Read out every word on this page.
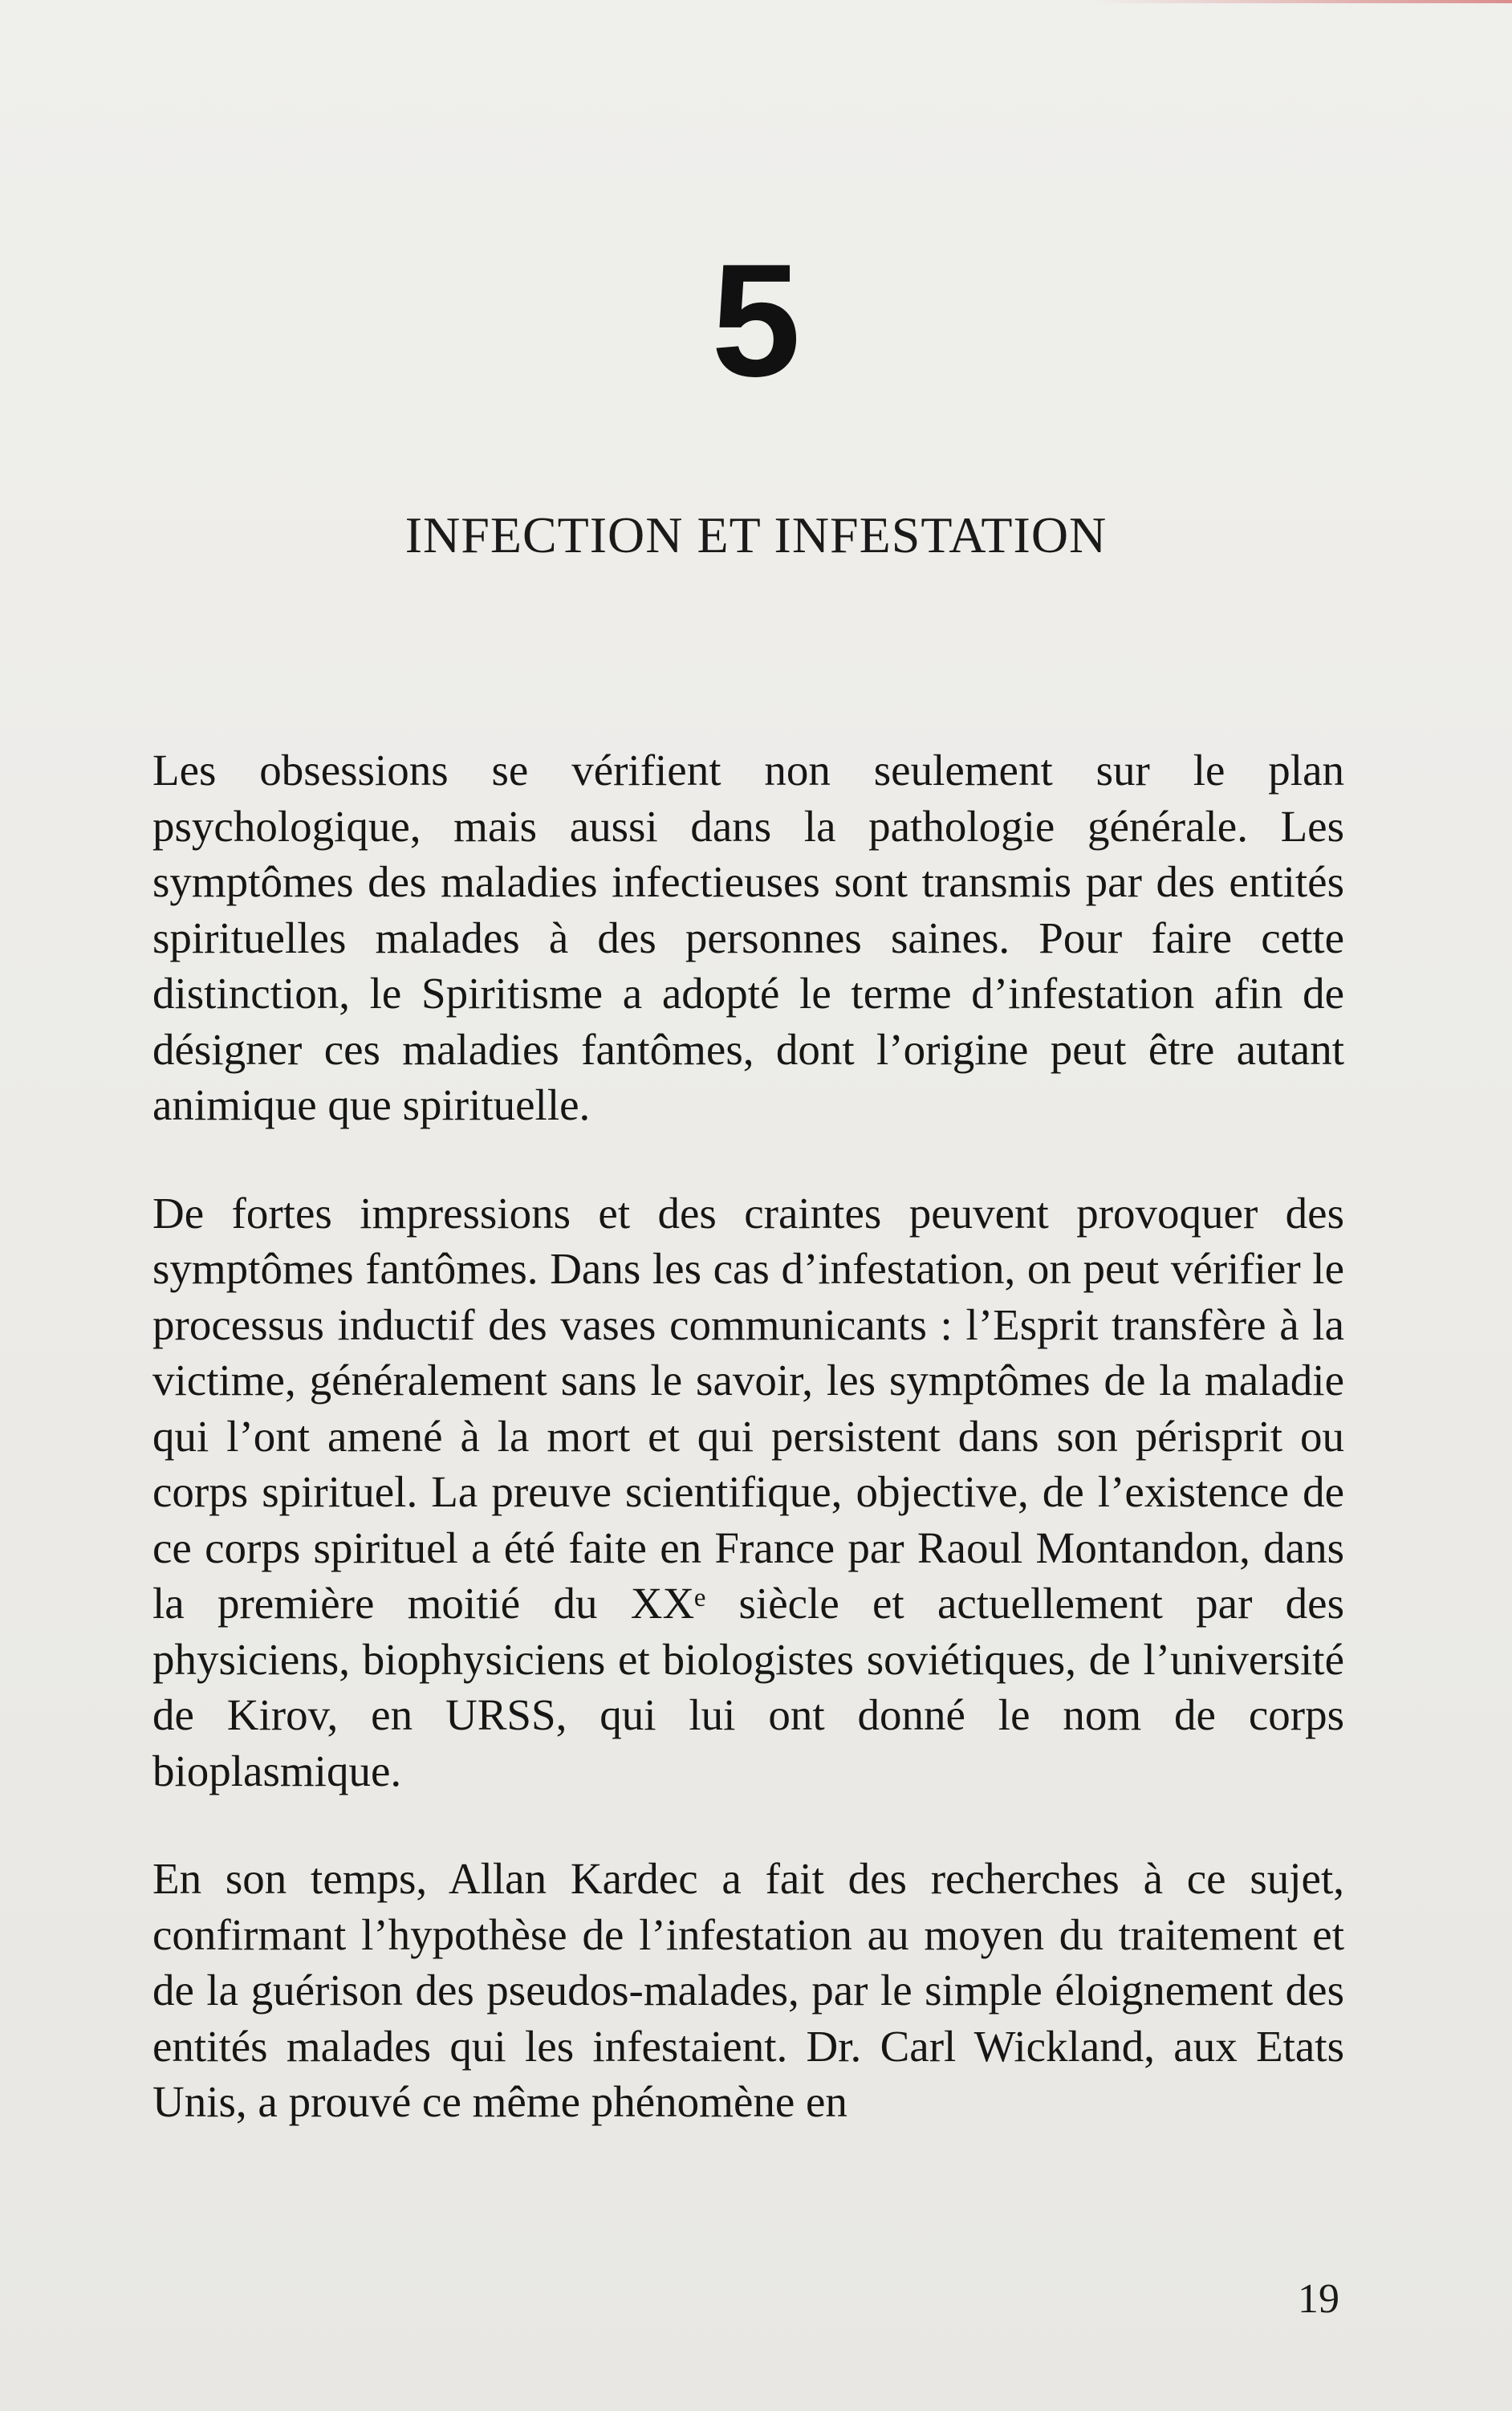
5
INFECTION ET INFESTATION

Les obsessions se vérifient non seulement sur le plan psychologique, mais aussi dans la pathologie générale. Les symptômes des maladies infectieuses sont transmis par des entités spirituelles malades à des personnes saines. Pour faire cette distinction, le Spiritisme a adopté le terme d’infestation afin de désigner ces maladies fantômes, dont l’origine peut être autant animique que spirituelle.

De fortes impressions et des craintes peuvent provoquer des symptômes fantômes. Dans les cas d’infestation, on peut vérifier le processus inductif des vases communicants : l’Esprit transfère à la victime, généralement sans le savoir, les symptômes de la maladie qui l’ont amené à la mort et qui persistent dans son périsprit ou corps spirituel. La preuve scientifique, objective, de l’existence de ce corps spirituel a été faite en France par Raoul Montandon, dans la première moitié du XXᵉ siècle et actuellement par des physiciens, biophysiciens et biologistes soviétiques, de l’université de Kirov, en URSS, qui lui ont donné le nom de corps bioplasmique.

En son temps, Allan Kardec a fait des recherches à ce sujet, confirmant l’hypothèse de l’infestation au moyen du traitement et de la guérison des pseudos-malades, par le simple éloignement des entités malades qui les infestaient. Dr. Carl Wickland, aux Etats Unis, a prouvé ce même phénomène en

19
